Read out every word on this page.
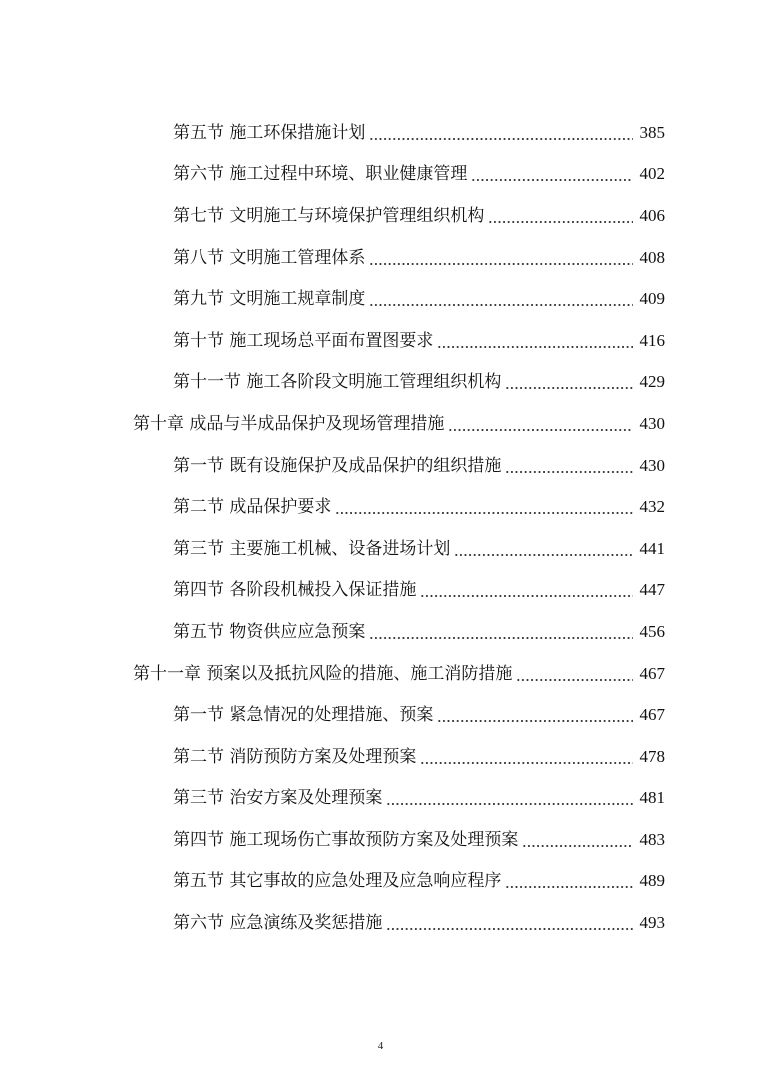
第五节 施工环保措施计划	385
第六节 施工过程中环境、职业健康管理	402
第七节 文明施工与环境保护管理组织机构	406
第八节 文明施工管理体系	408
第九节 文明施工规章制度	409
第十节 施工现场总平面布置图要求	416
第十一节 施工各阶段文明施工管理组织机构	429
第十章 成品与半成品保护及现场管理措施	430
第一节 既有设施保护及成品保护的组织措施	430
第二节 成品保护要求	432
第三节 主要施工机械、设备进场计划	441
第四节 各阶段机械投入保证措施	447
第五节 物资供应应急预案	456
第十一章 预案以及抵抗风险的措施、施工消防措施	467
第一节 紧急情况的处理措施、预案	467
第二节 消防预防方案及处理预案	478
第三节 治安方案及处理预案	481
第四节 施工现场伤亡事故预防方案及处理预案	483
第五节 其它事故的应急处理及应急响应程序	489
第六节 应急演练及奖惩措施	493
4
